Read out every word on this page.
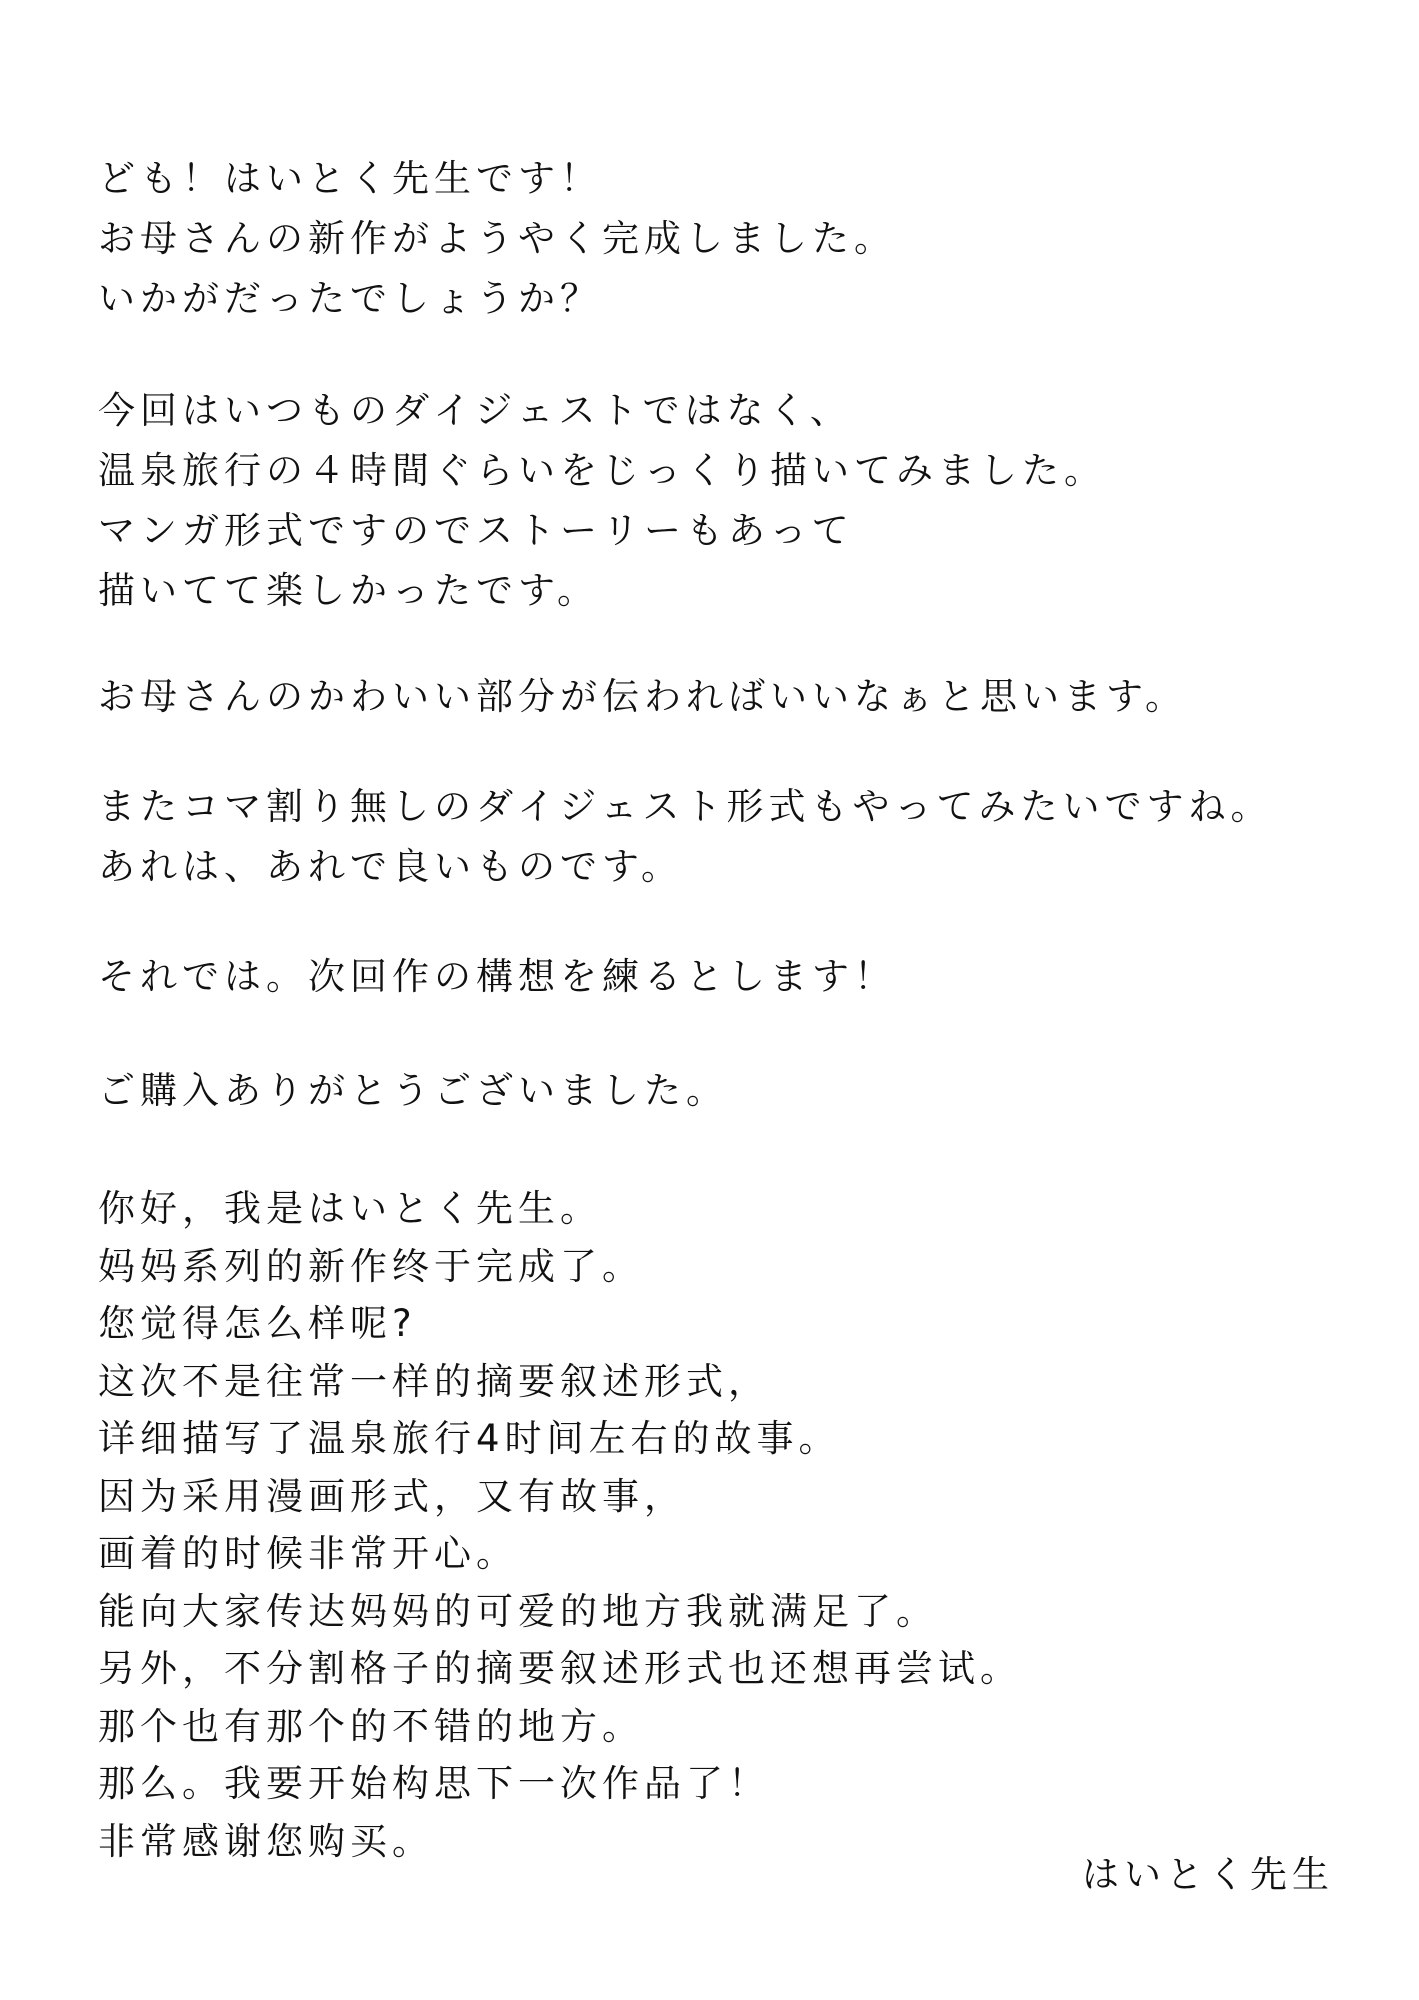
ども！はいとく先生です！
お母さんの新作がようやく完成しました。
いかがだったでしょうか？
今回はいつものダイジェストではなく、
温泉旅行の４時間ぐらいをじっくり描いてみました。
マンガ形式ですのでストーリーもあって
描いてて楽しかったです。
お母さんのかわいい部分が伝わればいいなぁと思います。
またコマ割り無しのダイジェスト形式もやってみたいですね。
あれは、あれで良いものです。
それでは。次回作の構想を練るとします！
ご購入ありがとうございました。
你好，我是はいとく先生。
妈妈系列的新作终于完成了。
您觉得怎么样呢?
这次不是往常一样的摘要叙述形式，
详细描写了温泉旅行4时间左右的故事。
因为采用漫画形式，又有故事，
画着的时候非常开心。
能向大家传达妈妈的可爱的地方我就满足了。
另外，不分割格子的摘要叙述形式也还想再尝试。
那个也有那个的不错的地方。
那么。我要开始构思下一次作品了！
非常感谢您购买。
はいとく先生
